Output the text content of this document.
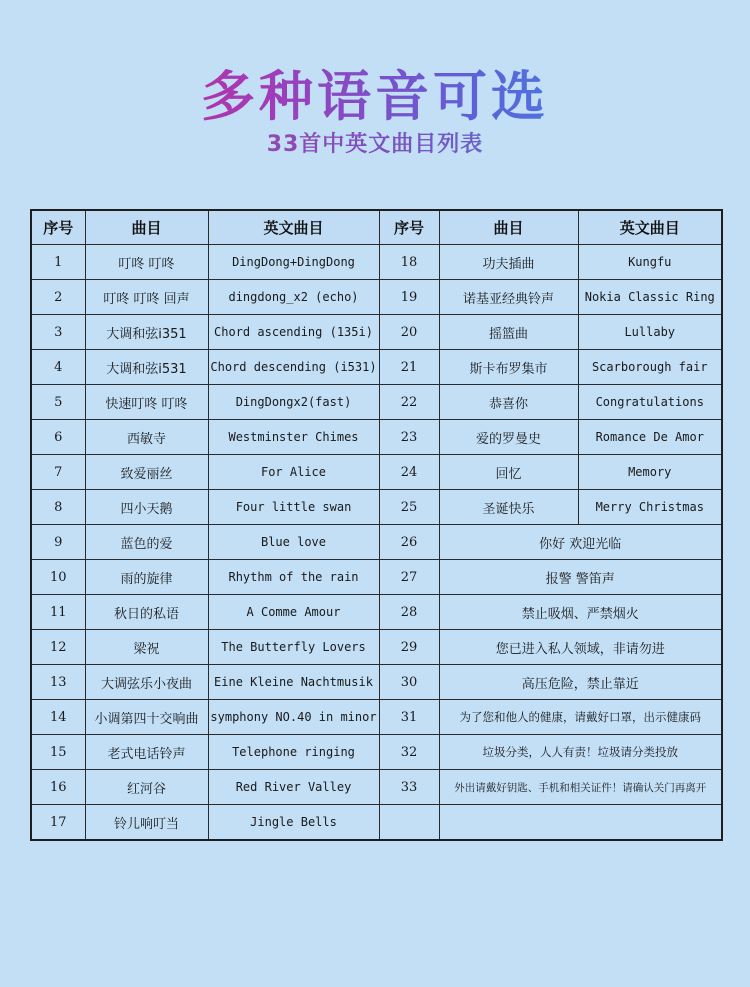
多种语音可选
33首中英文曲目列表
序号	曲目	英文曲目	序号	曲目	英文曲目
1	叮咚 叮咚	DingDong+DingDong	18	功夫插曲	Kungfu
2	叮咚 叮咚 回声	dingdong_x2 (echo)	19	诺基亚经典铃声	Nokia Classic Ring
3	大调和弦i351	Chord ascending (135i)	20	摇篮曲	Lullaby
4	大调和弦i531	Chord descending (i531)	21	斯卡布罗集市	Scarborough fair
5	快速叮咚 叮咚	DingDongx2(fast)	22	恭喜你	Congratulations
6	西敏寺	Westminster Chimes	23	爱的罗曼史	Romance De Amor
7	致爱丽丝	For Alice	24	回忆	Memory
8	四小天鹅	Four little swan	25	圣诞快乐	Merry Christmas
9	蓝色的爱	Blue love	26	你好 欢迎光临	
10	雨的旋律	Rhythm of the rain	27	报警 警笛声	
11	秋日的私语	A Comme Amour	28	禁止吸烟、严禁烟火	
12	梁祝	The Butterfly Lovers	29	您已进入私人领域，非请勿进	
13	大调弦乐小夜曲	Eine Kleine Nachtmusik	30	高压危险，禁止靠近	
14	小调第四十交响曲	symphony NO.40 in minor	31	为了您和他人的健康，请戴好口罩，出示健康码	
15	老式电话铃声	Telephone ringing	32	垃圾分类，人人有责！垃圾请分类投放	
16	红河谷	Red River Valley	33	外出请戴好钥匙、手机和相关证件！请确认关门再离开	
17	铃儿响叮当	Jingle Bells			
